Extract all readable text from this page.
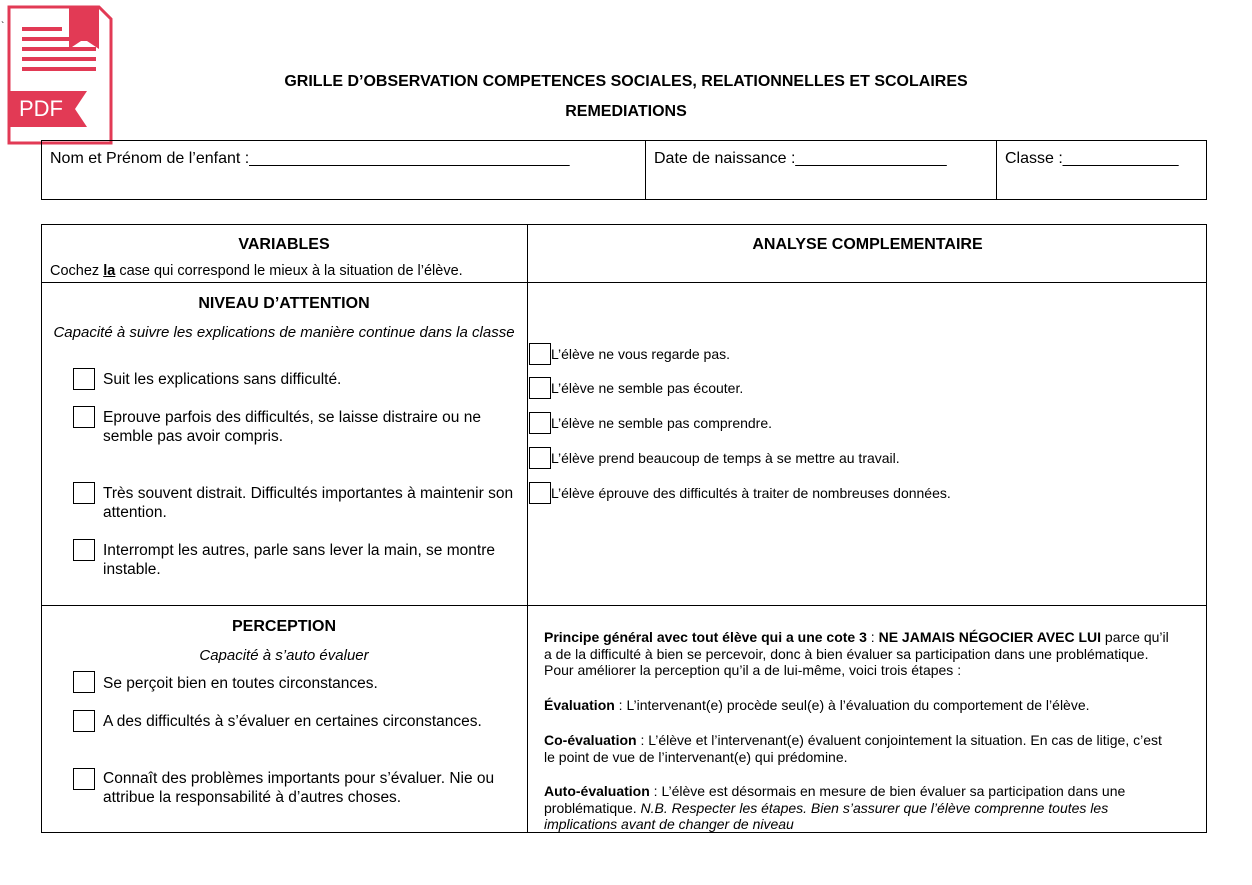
PDF
`
GRILLE D’OBSERVATION COMPETENCES SOCIALES, RELATIONNELLES ET SCOLAIRES
REMEDIATIONS
Nom et Prénom de l’enfant :____________________________________	Date de naissance :_________________	Classe :_____________
VARIABLES
Cochez la case qui correspond le mieux à la situation de l’élève.
ANALYSE COMPLEMENTAIRE
NIVEAU D’ATTENTION
Capacité à suivre les explications de manière continue dans la classe
Suit les explications sans difficulté.
Eprouve parfois des difficultés, se laisse distraire ou ne semble pas avoir compris.
Très souvent distrait. Difficultés importantes à maintenir son attention.
Interrompt les autres, parle sans lever la main, se montre instable.
L’élève ne vous regarde pas.
L’élève ne semble pas écouter.
L’élève ne semble pas comprendre.
L’élève prend beaucoup de temps à se mettre au travail.
L’élève éprouve des difficultés à traiter de nombreuses données.
PERCEPTION
Capacité à s’auto évaluer
Se perçoit bien en toutes circonstances.
A des difficultés à s’évaluer en certaines circonstances.
Connaît des problèmes importants pour s’évaluer. Nie ou attribue la responsabilité à d’autres choses.
Principe général avec tout élève qui a une cote 3 : NE JAMAIS NÉGOCIER AVEC LUI parce qu’il a de la difficulté à bien se percevoir, donc à bien évaluer sa participation dans une problématique. Pour améliorer la perception qu’il a de lui-même, voici trois étapes :
Évaluation : L’intervenant(e) procède seul(e) à l’évaluation du comportement de l’élève.
Co-évaluation : L’élève et l’intervenant(e) évaluent conjointement la situation. En cas de litige, c’est le point de vue de l’intervenant(e) qui prédomine.
Auto-évaluation : L’élève est désormais en mesure de bien évaluer sa participation dans une problématique. N.B. Respecter les étapes. Bien s’assurer que l’élève comprenne toutes les implications avant de changer de niveau
